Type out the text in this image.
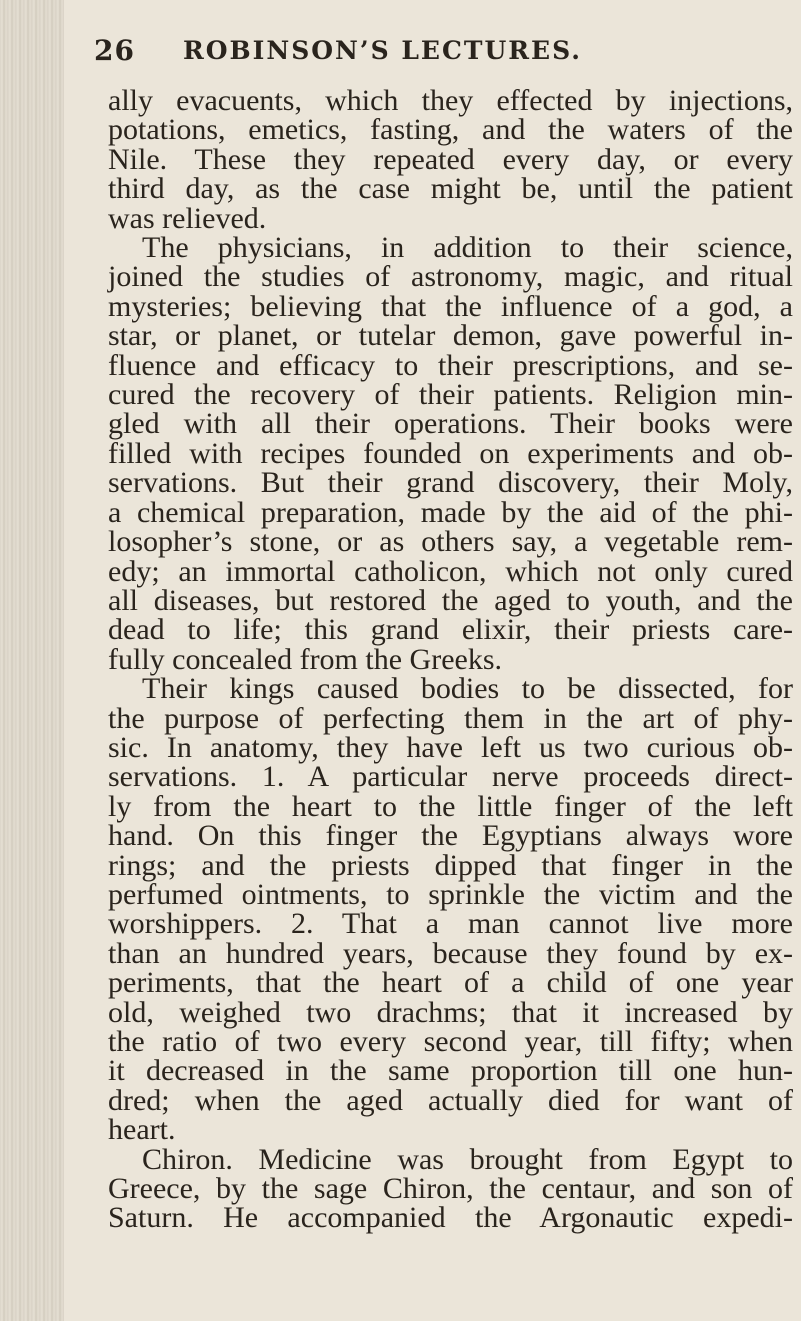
26 ROBINSON’S LECTURES.
ally evacuents, which they effected by injections,
potations, emetics, fasting, and the waters of the
Nile. These they repeated every day, or every
third day, as the case might be, until the patient
was relieved.
The physicians, in addition to their science,
joined the studies of astronomy, magic, and ritual
mysteries; believing that the influence of a god, a
star, or planet, or tutelar demon, gave powerful in-
fluence and efficacy to their prescriptions, and se-
cured the recovery of their patients. Religion min-
gled with all their operations. Their books were
filled with recipes founded on experiments and ob-
servations. But their grand discovery, their Moly,
a chemical preparation, made by the aid of the phi-
losopher’s stone, or as others say, a vegetable rem-
edy; an immortal catholicon, which not only cured
all diseases, but restored the aged to youth, and the
dead to life; this grand elixir, their priests care-
fully concealed from the Greeks.
Their kings caused bodies to be dissected, for
the purpose of perfecting them in the art of phy-
sic. In anatomy, they have left us two curious ob-
servations. 1. A particular nerve proceeds direct-
ly from the heart to the little finger of the left
hand. On this finger the Egyptians always wore
rings; and the priests dipped that finger in the
perfumed ointments, to sprinkle the victim and the
worshippers. 2. That a man cannot live more
than an hundred years, because they found by ex-
periments, that the heart of a child of one year
old, weighed two drachms; that it increased by
the ratio of two every second year, till fifty; when
it decreased in the same proportion till one hun-
dred; when the aged actually died for want of
heart.
Chiron. Medicine was brought from Egypt to
Greece, by the sage Chiron, the centaur, and son of
Saturn. He accompanied the Argonautic expedi-
